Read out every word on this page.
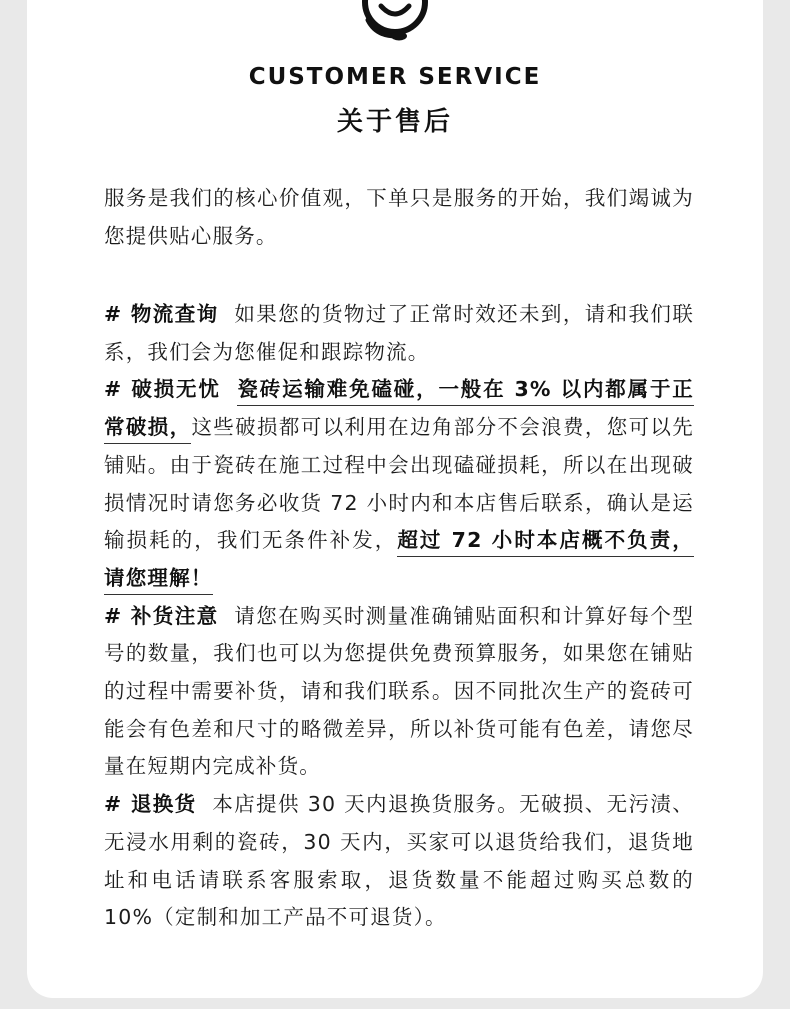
CUSTOMER SERVICE
关于售后

服务是我们的核心价值观，下单只是服务的开始，我们竭诚为您提供贴心服务。

# 物流查询 如果您的货物过了正常时效还未到，请和我们联系，我们会为您催促和跟踪物流。
# 破损无忧 瓷砖运输难免磕碰，一般在 3% 以内都属于正常破损，这些破损都可以利用在边角部分不会浪费，您可以先铺贴。由于瓷砖在施工过程中会出现磕碰损耗，所以在出现破损情况时请您务必收货 72 小时内和本店售后联系，确认是运输损耗的，我们无条件补发，超过 72 小时本店概不负责，请您理解！
# 补货注意 请您在购买时测量准确铺贴面积和计算好每个型号的数量，我们也可以为您提供免费预算服务，如果您在铺贴的过程中需要补货，请和我们联系。因不同批次生产的瓷砖可能会有色差和尺寸的略微差异，所以补货可能有色差，请您尽量在短期内完成补货。
# 退换货 本店提供 30 天内退换货服务。无破损、无污渍、无浸水用剩的瓷砖，30 天内，买家可以退货给我们，退货地址和电话请联系客服索取，退货数量不能超过购买总数的 10%（定制和加工产品不可退货）。
